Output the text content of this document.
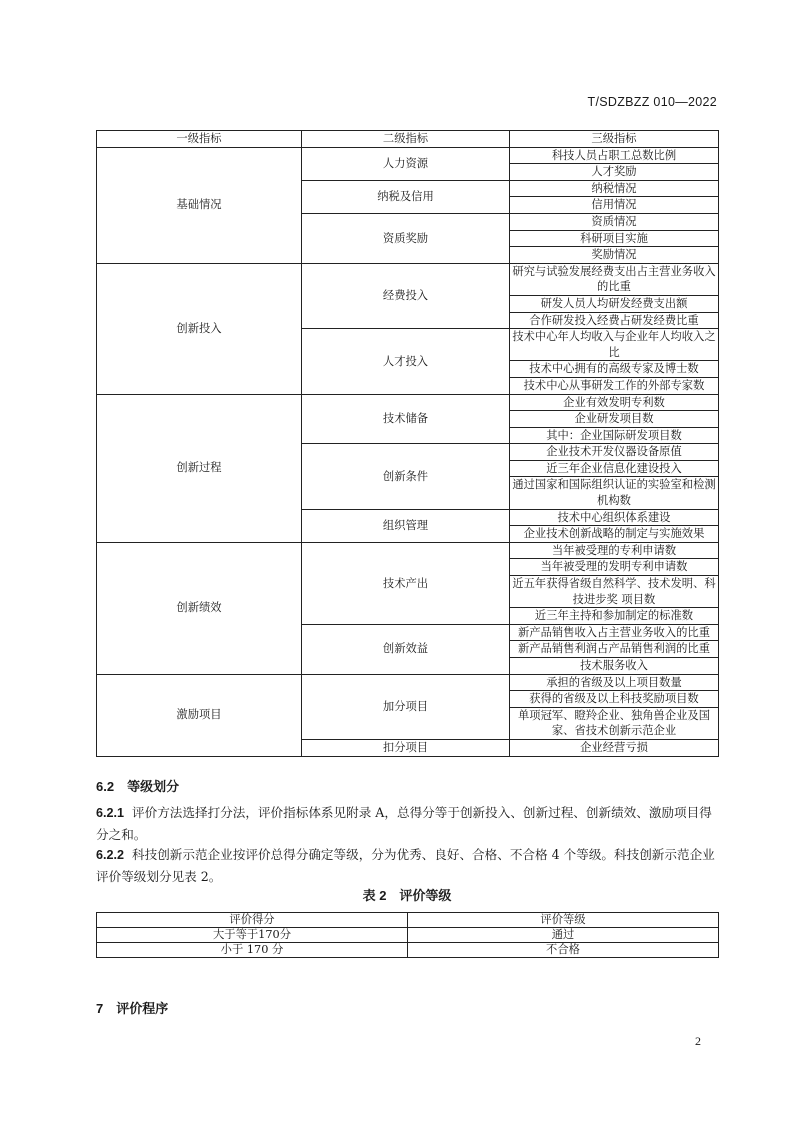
T/SDZBZZ 010—2022
一级指标	二级指标	三级指标
基础情况	人力资源	科技人员占职工总数比例
		人才奖励
	纳税及信用	纳税情况
		信用情况
	资质奖励	资质情况
		科研项目实施
		奖励情况
创新投入	经费投入	研究与试验发展经费支出占主营业务收入的比重
		研发人员人均研发经费支出额
		合作研发投入经费占研发经费比重
	人才投入	技术中心年人均收入与企业年人均收入之比
		技术中心拥有的高级专家及博士数
		技术中心从事研发工作的外部专家数
创新过程	技术储备	企业有效发明专利数
		企业研发项目数
		其中：企业国际研发项目数
	创新条件	企业技术开发仪器设备原值
		近三年企业信息化建设投入
		通过国家和国际组织认证的实验室和检测机构数
	组织管理	技术中心组织体系建设
		企业技术创新战略的制定与实施效果
创新绩效	技术产出	当年被受理的专利申请数
		当年被受理的发明专利申请数
		近五年获得省级自然科学、技术发明、科技进步奖 项目数
		近三年主持和参加制定的标准数
	创新效益	新产品销售收入占主营业务收入的比重
		新产品销售利润占产品销售利润的比重
		技术服务收入
激励项目	加分项目	承担的省级及以上项目数量
		获得的省级及以上科技奖励项目数
		单项冠军、瞪羚企业、独角兽企业及国家、省技术创新示范企业
	扣分项目	企业经营亏损
6.2　等级划分

6.2.1 评价方法选择打分法，评价指标体系见附录 A，总得分等于创新投入、创新过程、创新绩效、激励项目得分之和。

6.2.2 科技创新示范企业按评价总得分确定等级，分为优秀、良好、合格、不合格 4 个等级。科技创新示范企业评价等级划分见表 2。

表 2　评价等级
评价得分	评价等级
大于等于170分	通过
小于 170 分	不合格
7　评价程序
2
